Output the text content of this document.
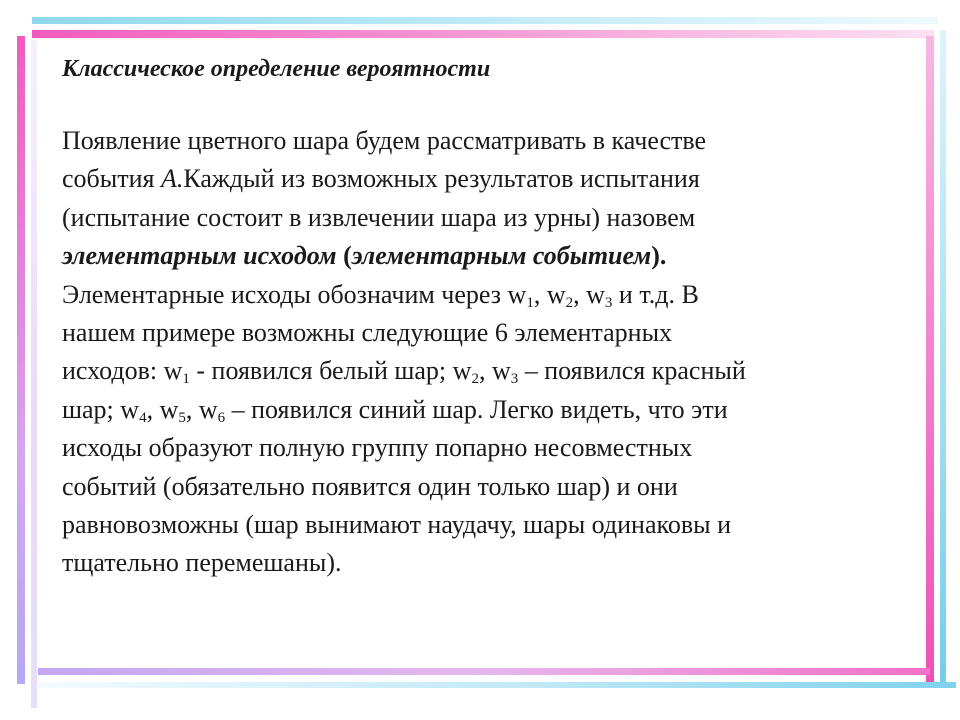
Классическое определение вероятности
Появление цветного шара будем рассматривать в качестве
события A.Каждый из возможных результатов испытания
(испытание состоит в извлечении шара из урны) назовем
элементарным исходом (элементарным событием).
Элементарные исходы обозначим через $w_1$, $w_2$, $w_3$ и т.д. В
нашем примере возможны следующие 6 элементарных
исходов: $w_1$ - появился белый шар; $w_2$, $w_3$ – появился красный
шар; $w_4$, $w_5$, $w_6$ – появился синий шар. Легко видеть, что эти
исходы образуют полную группу попарно несовместных
событий (обязательно появится один только шар) и они
равновозможны (шар вынимают наудачу, шары одинаковы и
тщательно перемешаны).
